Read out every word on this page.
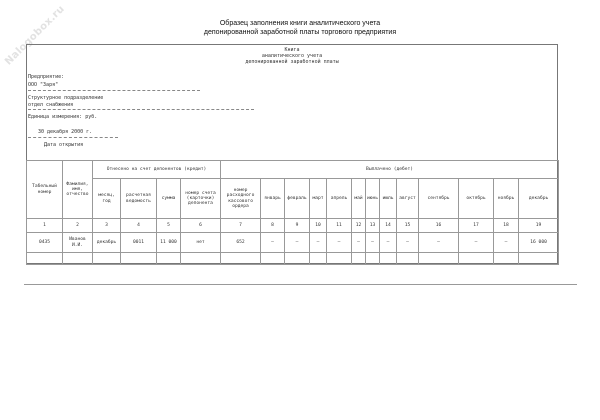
Nalogobox.ru	Образец заполнения книги аналитического учета
депонированной заработной платы торгового предприятия
Книга
аналитического учета
депонированной заработной платы
Предприятие:
ООО "Заря"
Структурное подразделение
отдел снабжения
Единица измерения: руб.
30 декабря 2000 г.
Дата открытия
Табельный номер	Фамилия, имя, отчество	Отнесено на счет депонентов (кредит)				Выплачено (дебет)												
		месяц, год	расчетная ведомость	сумма	номер счета (карточки) депонента	номер расходного кассового ордера	январь	февраль	март	апрель	май	июнь	июль	август	сентябрь	октябрь	ноябрь	декабрь
1	2	3	4	5	6	7	8	9	10	11	12	13	14	15	16	17	18	19
0435	Иванов И.И.	декабрь	0011	11 000	нет	652	–	–	–	–	–	–	–	–	–	–	–	16 000
